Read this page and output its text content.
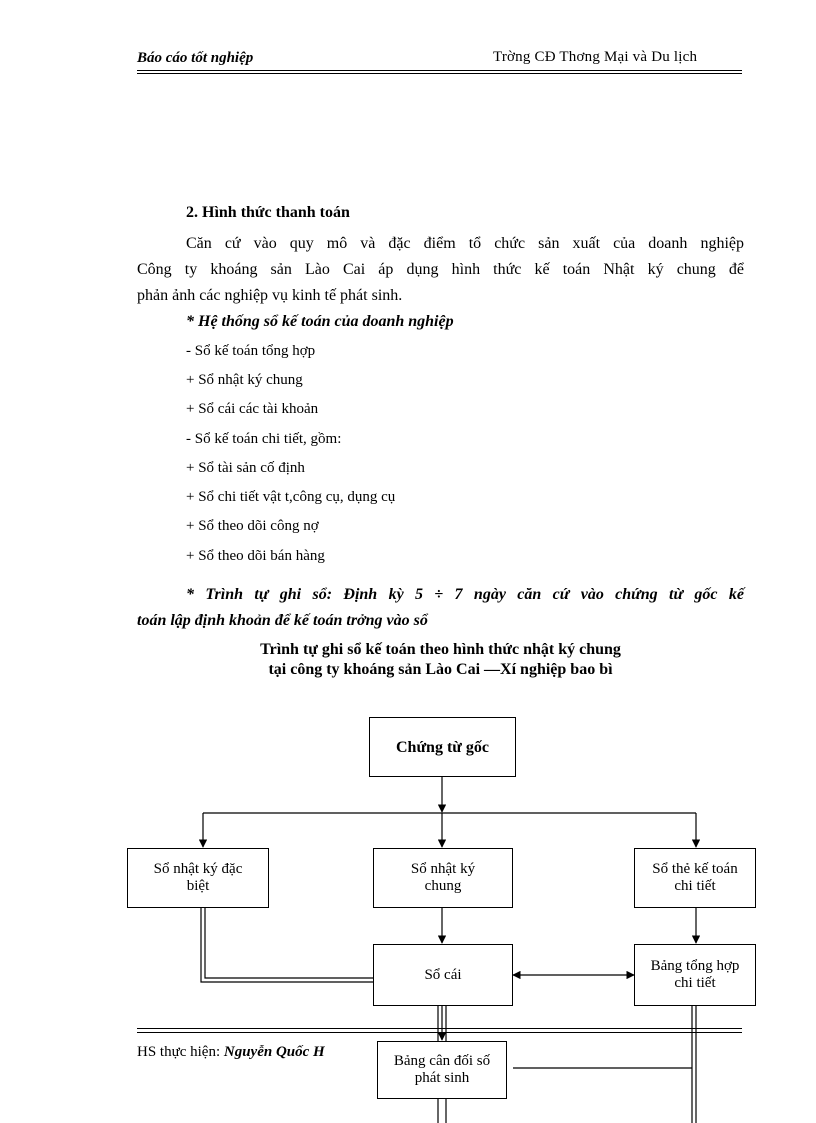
Báo cáo tốt nghiệp	Trờng CĐ Thơng Mại và Du lịch
2. Hình thức thanh toán
Căn cứ vào quy mô và đặc điểm tổ chức sản xuất của doanh nghiệp
Công ty khoáng sản Lào Cai áp dụng hình thức kế toán Nhật ký chung để
phản ảnh các nghiệp vụ kinh tế phát sinh.
* Hệ thống sổ kế toán của doanh nghiệp
- Sổ kế toán tổng hợp
+ Sổ nhật ký chung
+ Sổ cái các tài khoản
- Sổ kế toán chi tiết, gồm:
+ Sổ tài sản cố định
+ Sổ chi tiết vật t,công cụ, dụng cụ
+ Sổ theo dõi công nợ
+ Sổ theo dõi bán hàng
* Trình tự ghi sổ: Định kỳ 5 ÷ 7 ngày căn cứ vào chứng từ gốc kế
toán lập định khoản để kế toán trởng vào sổ
Trình tự ghi sổ kế toán theo hình thức nhật ký chung
tại công ty khoáng sản Lào Cai —Xí nghiệp bao bì
Chứng từ gốc
Sổ nhật ký đặc biệt
Sổ nhật ký chung
Sổ thẻ kế toán chi tiết
Sổ cái
Bảng tổng hợp chi tiết
HS thực hiện: Nguyễn Quốc H
Bảng cân đối số phát sinh
